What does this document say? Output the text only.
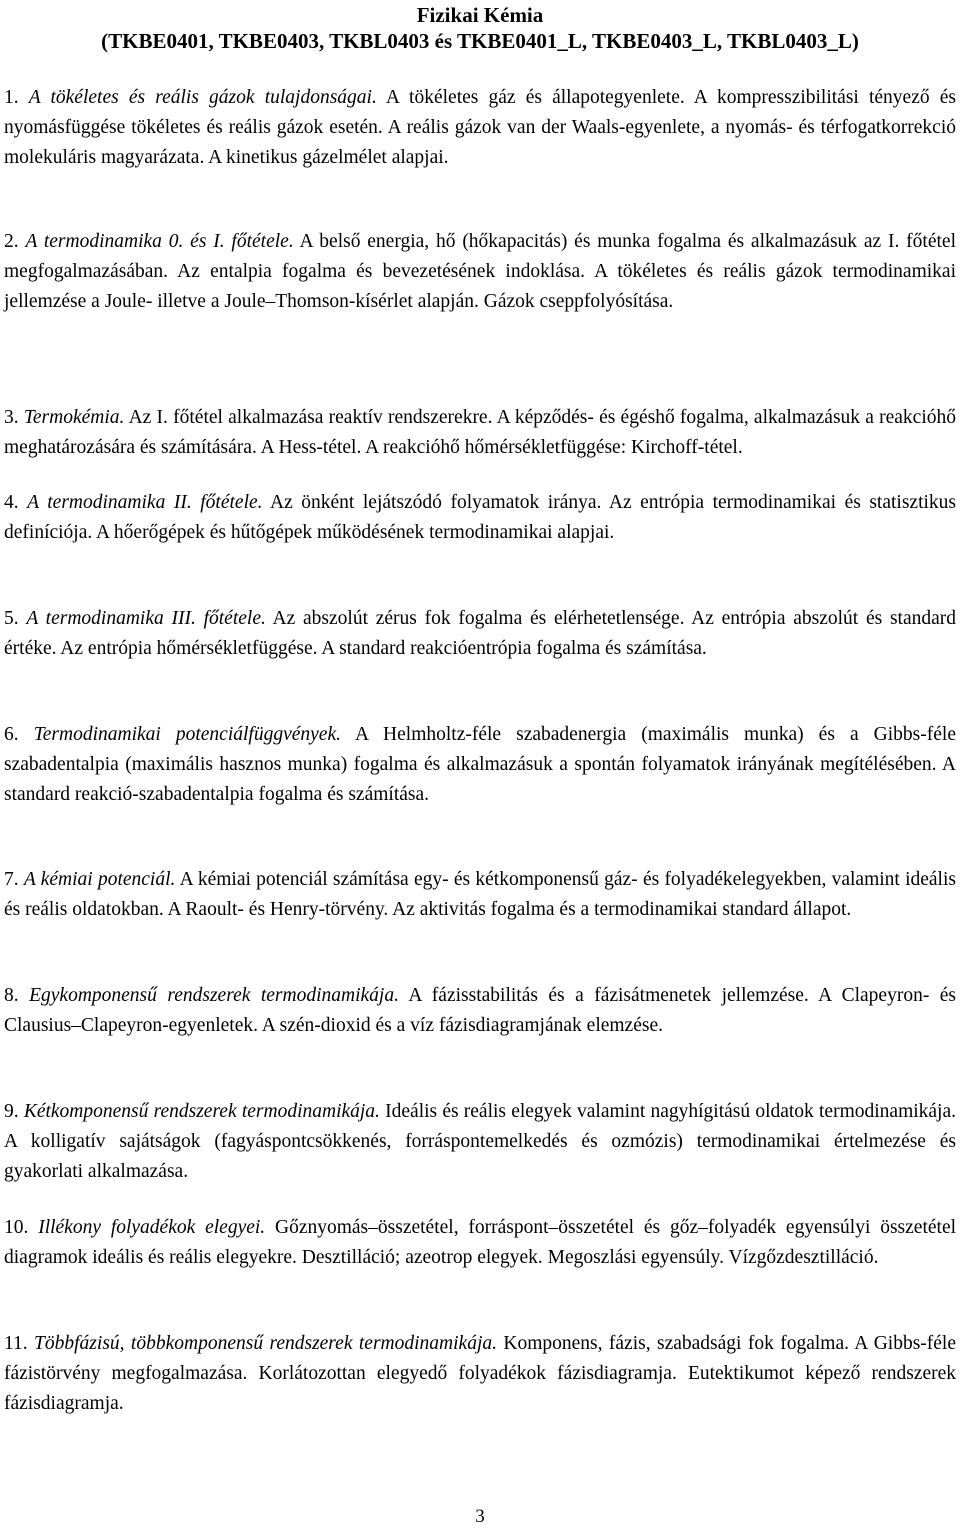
Fizikai Kémia
(TKBE0401, TKBE0403, TKBL0403 és TKBE0401_L, TKBE0403_L, TKBL0403_L)

1. A tökéletes és reális gázok tulajdonságai. A tökéletes gáz és állapotegyenlete. A kompresszibilitási tényező és nyomásfüggése tökéletes és reális gázok esetén. A reális gázok van der Waals-egyenlete, a nyomás- és térfogatkorrekció molekuláris magyarázata. A kinetikus gázelmélet alapjai.

2. A termodinamika 0. és I. főtétele. A belső energia, hő (hőkapacitás) és munka fogalma és alkalmazásuk az I. főtétel megfogalmazásában. Az entalpia fogalma és bevezetésének indoklása. A tökéletes és reális gázok termodinamikai jellemzése a Joule- illetve a Joule–Thomson-kísérlet alapján. Gázok cseppfolyósítása.

3. Termokémia. Az I. főtétel alkalmazása reaktív rendszerekre. A képződés- és égéshő fogalma, alkalmazásuk a reakcióhő meghatározására és számítására. A Hess-tétel. A reakcióhő hőmérsékletfüggése: Kirchoff-tétel.

4. A termodinamika II. főtétele. Az önként lejátszódó folyamatok iránya. Az entrópia termodinamikai és statisztikus definíciója. A hőerőgépek és hűtőgépek működésének termodinamikai alapjai.

5. A termodinamika III. főtétele. Az abszolút zérus fok fogalma és elérhetetlensége. Az entrópia abszolút és standard értéke. Az entrópia hőmérsékletfüggése. A standard reakcióentrópia fogalma és számítása.

6. Termodinamikai potenciálfüggvények. A Helmholtz-féle szabadenergia (maximális munka) és a Gibbs-féle szabadentalpia (maximális hasznos munka) fogalma és alkalmazásuk a spontán folyamatok irányának megítélésében. A standard reakció-szabadentalpia fogalma és számítása.

7. A kémiai potenciál. A kémiai potenciál számítása egy- és kétkomponensű gáz- és folyadékelegyekben, valamint ideális és reális oldatokban. A Raoult- és Henry-törvény. Az aktivitás fogalma és a termodinamikai standard állapot.

8. Egykomponensű rendszerek termodinamikája. A fázisstabilitás és a fázisátmenetek jellemzése. A Clapeyron- és Clausius–Clapeyron-egyenletek. A szén-dioxid és a víz fázisdiagramjának elemzése.

9. Kétkomponensű rendszerek termodinamikája. Ideális és reális elegyek valamint nagyhígitású oldatok termodinamikája. A kolligatív sajátságok (fagyáspontcsökkenés, forráspontemelkedés és ozmózis) termodinamikai értelmezése és gyakorlati alkalmazása.

10. Illékony folyadékok elegyei. Gőznyomás–összetétel, forráspont–összetétel és gőz–folyadék egyensúlyi összetétel diagramok ideális és reális elegyekre. Desztilláció; azeotrop elegyek. Megoszlási egyensúly. Vízgőzdesztilláció.

11. Többfázisú, többkomponensű rendszerek termodinamikája. Komponens, fázis, szabadsági fok fogalma. A Gibbs-féle fázistörvény megfogalmazása. Korlátozottan elegyedő folyadékok fázisdiagramja. Eutektikumot képező rendszerek fázisdiagramja.

3
